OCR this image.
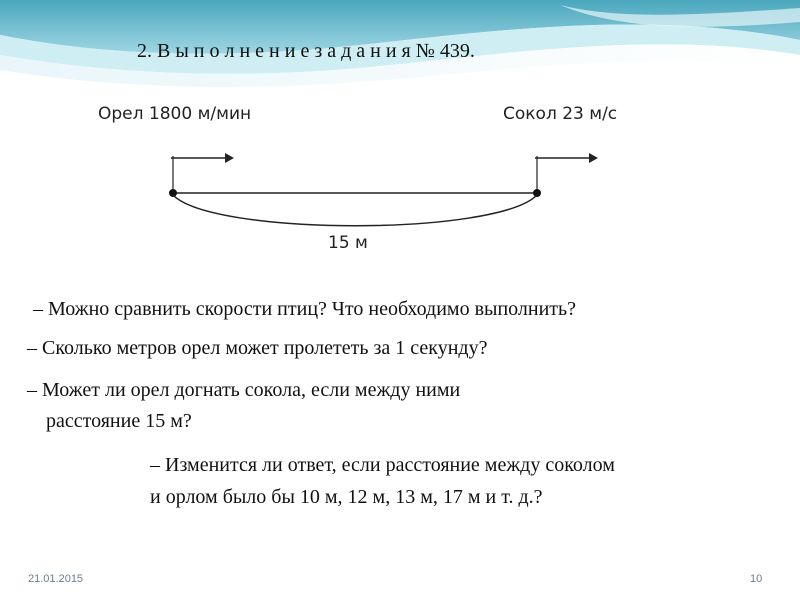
2. В ы п о л н е н и е з а д а н и я № 439.
Орел 1800 м/мин	Сокол 23 м/с
15 м
– Можно сравнить скорости птиц? Что необходимо выполнить?
– Сколько метров орел может пролететь за 1 секунду?
– Может ли орел догнать сокола, если между ними
расстояние 15 м?
– Изменится ли ответ, если расстояние между соколом
и орлом было бы 10 м, 12 м, 13 м, 17 м и т. д.?
21.01.2015	10
